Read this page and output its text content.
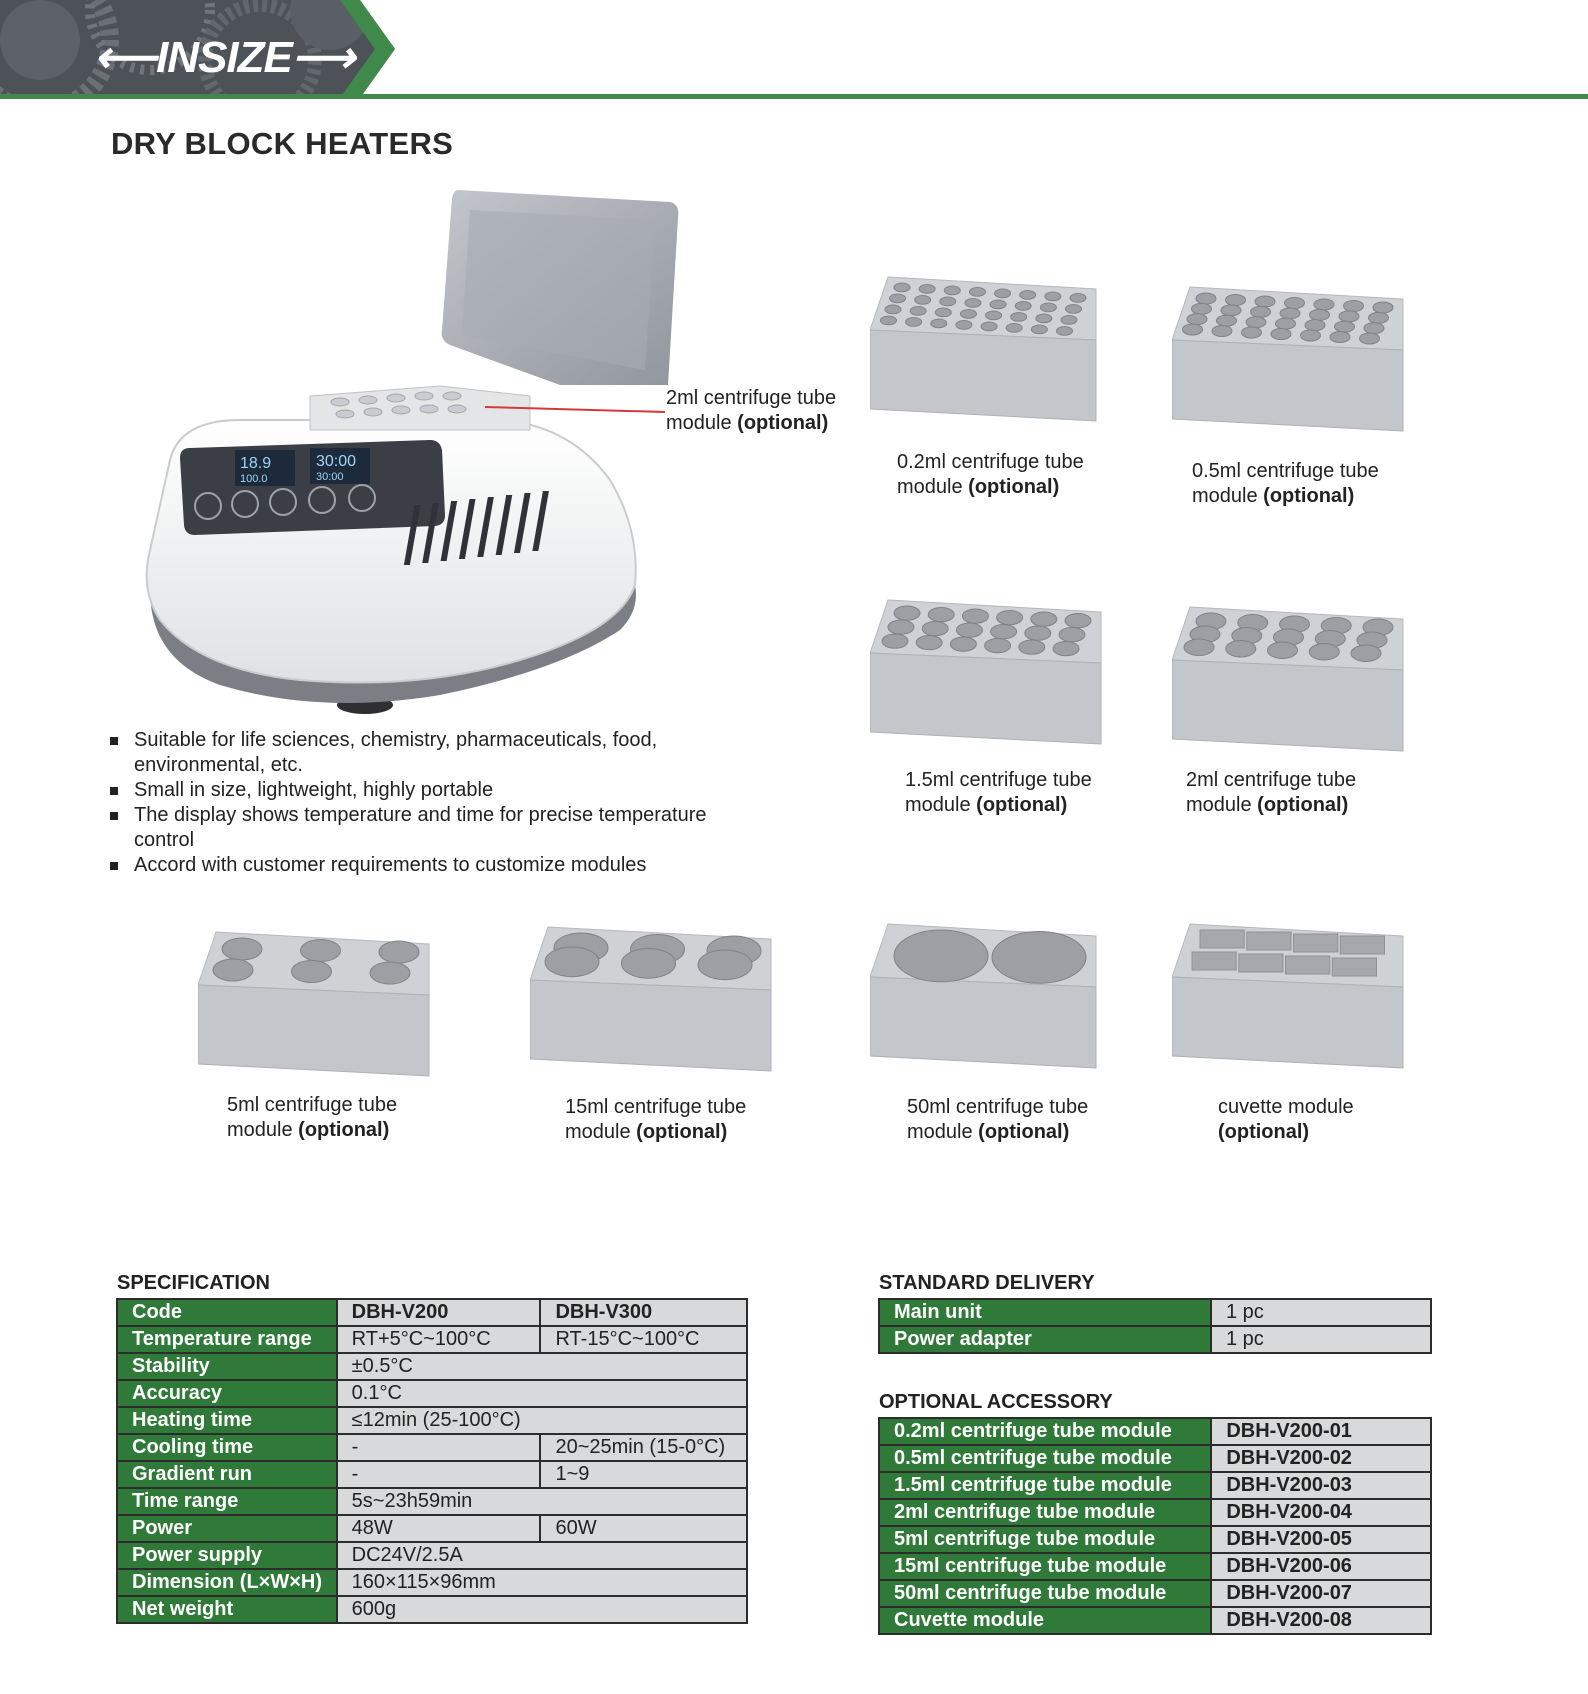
⟵INSIZE⟶
DRY BLOCK HEATERS
18.9
100.0
30:00
30:00
2ml centrifuge tube
module (optional)
0.2ml centrifuge tube
module (optional)
0.5ml centrifuge tube
module (optional)
1.5ml centrifuge tube
module (optional)
2ml centrifuge tube
module (optional)
5ml centrifuge tube
module (optional)
15ml centrifuge tube
module (optional)
50ml centrifuge tube
module (optional)
cuvette module
(optional)
Suitable for life sciences, chemistry, pharmaceuticals, food, environmental, etc.
Small in size, lightweight, highly portable
The display shows temperature and time for precise temperature control
Accord with customer requirements to customize modules
SPECIFICATION
Code	DBH-V200	DBH-V300
Temperature range	RT+5°C~100°C	RT-15°C~100°C
Stability	±0.5°C	
Accuracy	0.1°C	
Heating time	≤12min (25-100°C)	
Cooling time	-	20~25min (15-0°C)
Gradient run	-	1~9
Time range	5s~23h59min	
Power	48W	60W
Power supply	DC24V/2.5A	
Dimension (L×W×H)	160×115×96mm	
Net weight	600g	
STANDARD DELIVERY
Main unit	1 pc
Power adapter	1 pc
OPTIONAL ACCESSORY
0.2ml centrifuge tube module	DBH-V200-01
0.5ml centrifuge tube module	DBH-V200-02
1.5ml centrifuge tube module	DBH-V200-03
2ml centrifuge tube module	DBH-V200-04
5ml centrifuge tube module	DBH-V200-05
15ml centrifuge tube module	DBH-V200-06
50ml centrifuge tube module	DBH-V200-07
Cuvette module	DBH-V200-08
